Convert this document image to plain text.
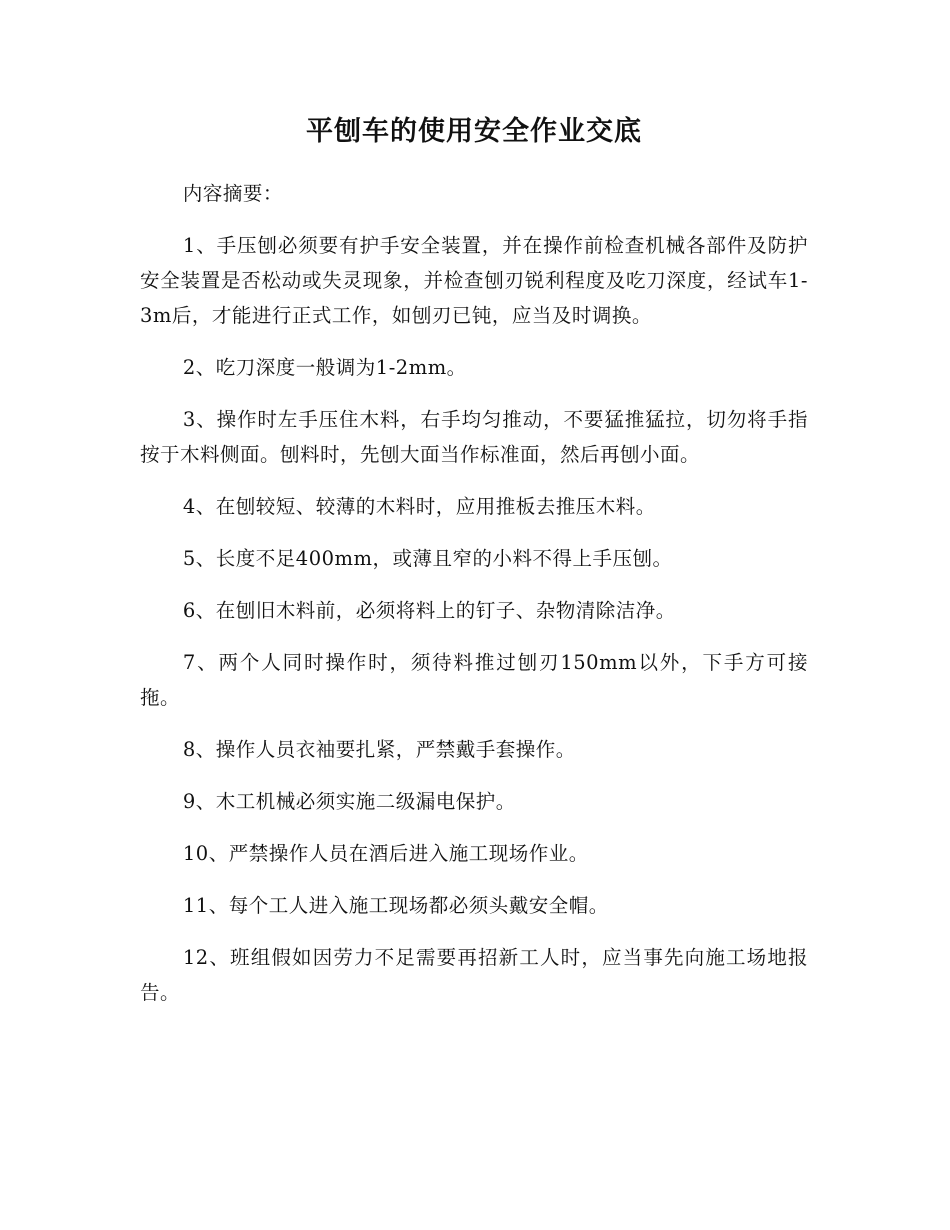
平刨车的使用安全作业交底

内容摘要：

1、手压刨必须要有护手安全装置，并在操作前检查机械各部件及防护安全装置是否松动或失灵现象，并检查刨刃锐利程度及吃刀深度，经试车1-3m后，才能进行正式工作，如刨刃已钝，应当及时调换。

2、吃刀深度一般调为1-2mm。

3、操作时左手压住木料，右手均匀推动，不要猛推猛拉，切勿将手指按于木料侧面。刨料时，先刨大面当作标准面，然后再刨小面。

4、在刨较短、较薄的木料时，应用推板去推压木料。

5、长度不足400mm，或薄且窄的小料不得上手压刨。

6、在刨旧木料前，必须将料上的钉子、杂物清除洁净。

7、两个人同时操作时，须待料推过刨刃150mm以外，下手方可接拖。

8、操作人员衣袖要扎紧，严禁戴手套操作。

9、木工机械必须实施二级漏电保护。

10、严禁操作人员在酒后进入施工现场作业。

11、每个工人进入施工现场都必须头戴安全帽。

12、班组假如因劳力不足需要再招新工人时，应当事先向施工场地报告。
